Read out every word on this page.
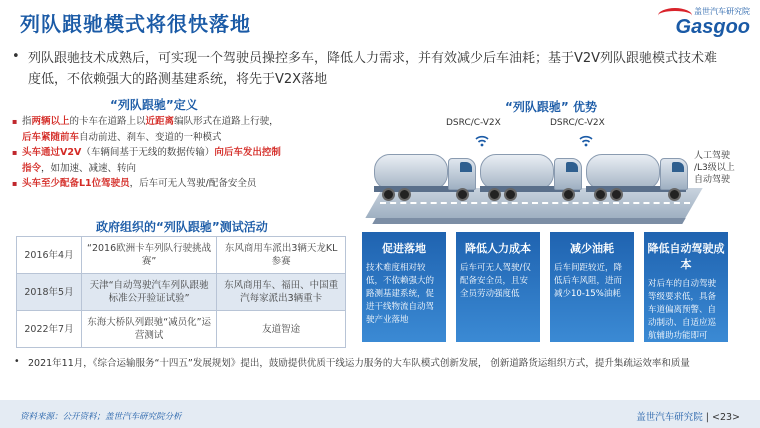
列队跟驰模式将很快落地
盖世汽车研究院
Gasgoo
• 列队跟驰技术成熟后，可实现一个驾驶员操控多车，降低人力需求，并有效减少后车油耗；基于V2V列队跟驰模式技术难度低，不依赖强大的路测基建系统，将先于V2X落地
“列队跟驰”定义
▪ 指两辆以上的卡车在道路上以近距离编队形式在道路上行驶，
后车紧随前车自动前进、刹车、变道的一种模式
▪ 头车通过V2V（车辆间基于无线的数据传输）向后车发出控制
指令，如加速、减速、转向
▪ 头车至少配备L1位驾驶员，后车可无人驾驶/配备安全员
政府组织的“列队跟驰”测试活动
2016年4月	“2016欧洲卡车列队行驶挑战赛”	东风商用车派出3辆天龙KL参赛
2018年5月	天津“自动驾驶汽车列队跟驰标准公开验证试验”	东风商用车、福田、中国重汽每家派出3辆重卡
2022年7月	东海大桥队列跟驰“减员化”运营测试	友道智途
“列队跟驰” 优势
DSRC/C-V2X	DSRC/C-V2X
人工驾驶
/L3级以上
自动驾驶
促进落地
技术难度相对较低，不依赖强大的路测基建系统，促进干线物流自动驾驶产业落地
降低人力成本
后车可无人驾驶/仅配备安全员，且安全员劳动强度低
减少油耗
后车间距较近，降低后车风阻，进而减少10-15%油耗
降低自动驾驶成本
对后车的自动驾驶等级要求低，具备车道偏离预警、自动制动、自适应巡航辅助功能即可
• 2021年11月，《综合运输服务“十四五”发展规划》提出，鼓励提供优质干线运力服务的大车队模式创新发展， 创新道路货运组织方式，提升集疏运效率和质量
资料来源：公开资料；盖世汽车研究院分析	盖世汽车研究院 | <23>
